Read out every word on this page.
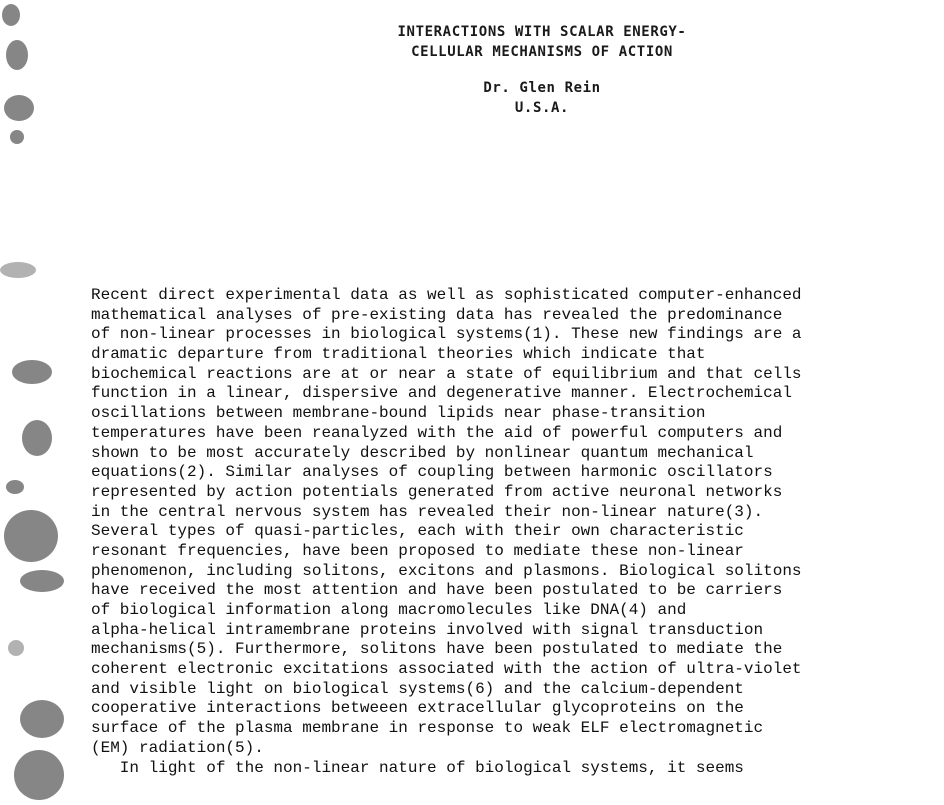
INTERACTIONS WITH SCALAR ENERGY-
CELLULAR MECHANISMS OF ACTION
Dr. Glen Rein
U.S.A.
Recent direct experimental data as well as sophisticated computer-enhanced
mathematical analyses of pre-existing data has revealed the predominance
of non-linear processes in biological systems(1). These new findings are a
dramatic departure from traditional theories which indicate that
biochemical reactions are at or near a state of equilibrium and that cells
function in a linear, dispersive and degenerative manner. Electrochemical
oscillations between membrane-bound lipids near phase-transition
temperatures have been reanalyzed with the aid of powerful computers and
shown to be most accurately described by nonlinear quantum mechanical
equations(2). Similar analyses of coupling between harmonic oscillators
represented by action potentials generated from active neuronal networks
in the central nervous system has revealed their non-linear nature(3).
Several types of quasi-particles, each with their own characteristic
resonant frequencies, have been proposed to mediate these non-linear
phenomenon, including solitons, excitons and plasmons. Biological solitons
have received the most attention and have been postulated to be carriers
of biological information along macromolecules like DNA(4) and
alpha-helical intramembrane proteins involved with signal transduction
mechanisms(5). Furthermore, solitons have been postulated to mediate the
coherent electronic excitations associated with the action of ultra-violet
and visible light on biological systems(6) and the calcium-dependent
cooperative interactions betweeen extracellular glycoproteins on the
surface of the plasma membrane in response to weak ELF electromagnetic
(EM) radiation(5).
In light of the non-linear nature of biological systems, it seems
